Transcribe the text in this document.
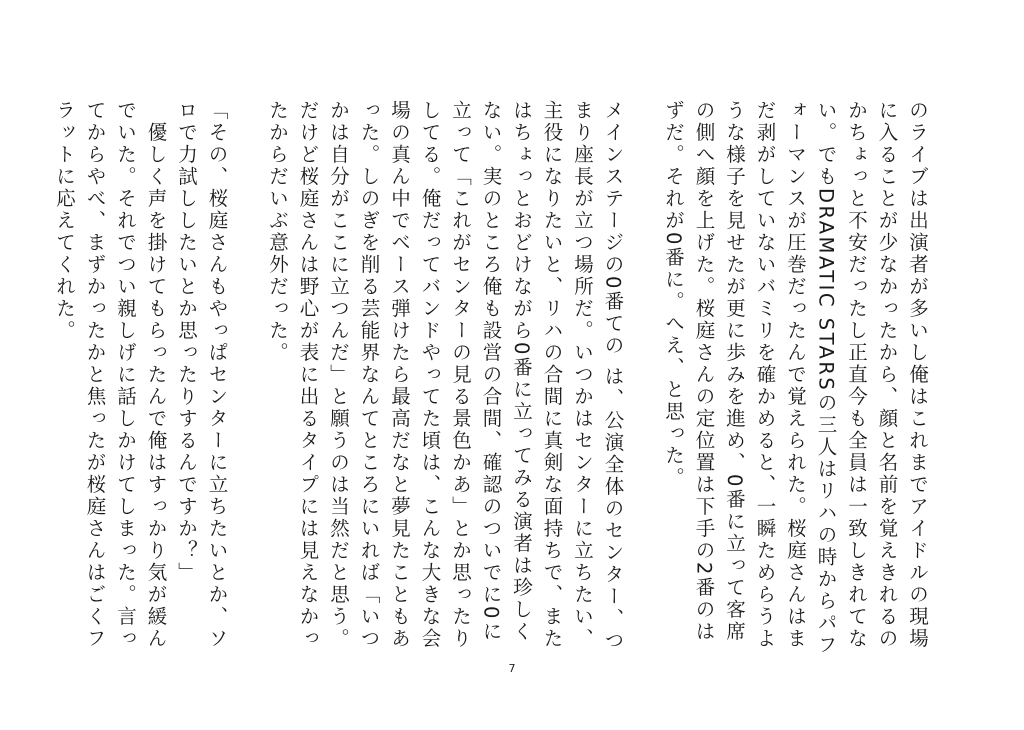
のライブは出演者が多いし俺はこれまでアイドルの現場に入ることが少なかったから、顔と名前を覚えきれるのかちょっと不安だったし正直今も全員は一致しきれてない。でもDRAMATIC STARSの三人はリハの時からパフォーマンスが圧巻だったんで覚えられた。桜庭さんはまだ剥がしていないバミリを確かめると、一瞬ためらうような様子を見せたが更に歩みを進め、0番に立って客席の側へ顔を上げた。桜庭さんの定位置は下手の2番のはずだ。それが0番に。へえ、と思った。

メインステージの0番ての は、公演全体のセンター、つまり座長が立つ場所だ。いつかはセンターに立ちたい、主役になりたいと、リハの合間に真剣な面持ちで、またはちょっとおどけながら0番に立ってみる演者は珍しくない。実のところ俺も設営の合間、確認のついでに0に立って「これがセンターの見る景色かあ」とか思ったりしてる。俺だってバンドやってた頃は、こんな大きな会場の真ん中でベース弾けたら最高だなと夢見たこともあった。しのぎを削る芸能界なんてところにいれば「いつかは自分がここに立つんだ」と願うのは当然だと思う。だけど桜庭さんは野心が表に出るタイプには見えなかったからだいぶ意外だった。

「その、桜庭さんもやっぱセンターに立ちたいとか、ソロで力試ししたいとか思ったりするんですか？」

　優しく声を掛けてもらったんで俺はすっかり気が緩んでいた。それでつい親しげに話しかけてしまった。言ってからやべ、まずかったかと焦ったが桜庭さんはごくフラットに応えてくれた。

7
